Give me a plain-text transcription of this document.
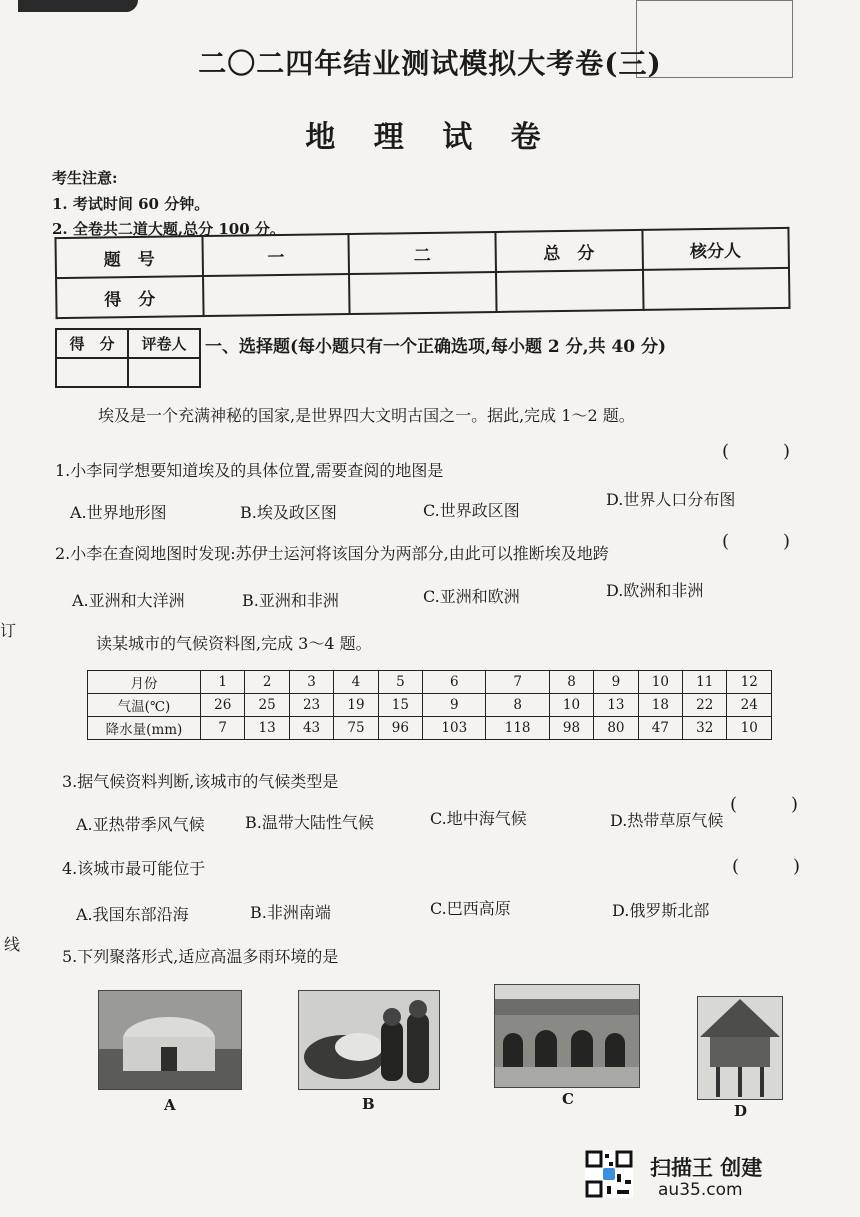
二〇二四年结业测试模拟大考卷(三)
地 理 试 卷
考生注意:
1. 考试时间 60 分钟。
2. 全卷共二道大题,总分 100 分。
题　号	一	二	总　分	核分人
得　分				
得　分	评卷人
	一、选择题(每小题只有一个正确选项,每小题 2 分,共 40 分)
埃及是一个充满神秘的国家,是世界四大文明古国之一。据此,完成 1～2 题。
(　　　)
1.小李同学想要知道埃及的具体位置,需要查阅的地图是
A.世界地形图	B.埃及政区图	C.世界政区图
D.世界人口分布图
2.小李在查阅地图时发现:苏伊士运河将该国分为两部分,由此可以推断埃及地跨
(　　　)
A.亚洲和大洋洲	B.亚洲和非洲	C.亚洲和欧洲	D.欧洲和非洲
读某城市的气候资料图,完成 3～4 题。
月份	1	2	3	4	5	6	7	8	9	10	11	12
气温(℃)	26	25	23	19	15	9	8	10	13	18	22	24
降水量(mm)	7	13	43	75	96	103	118	98	80	47	32	10
3.据气候资料判断,该城市的气候类型是
(　　　)
A.亚热带季风气候	B.温带大陆性气候	C.地中海气候	D.热带草原气候
4.该城市最可能位于	(　　　)
A.我国东部沿海	B.非洲南端	C.巴西高原	D.俄罗斯北部
5.下列聚落形式,适应高温多雨环境的是
A	B	C
D
订
线
扫描王 创建
au35.com
